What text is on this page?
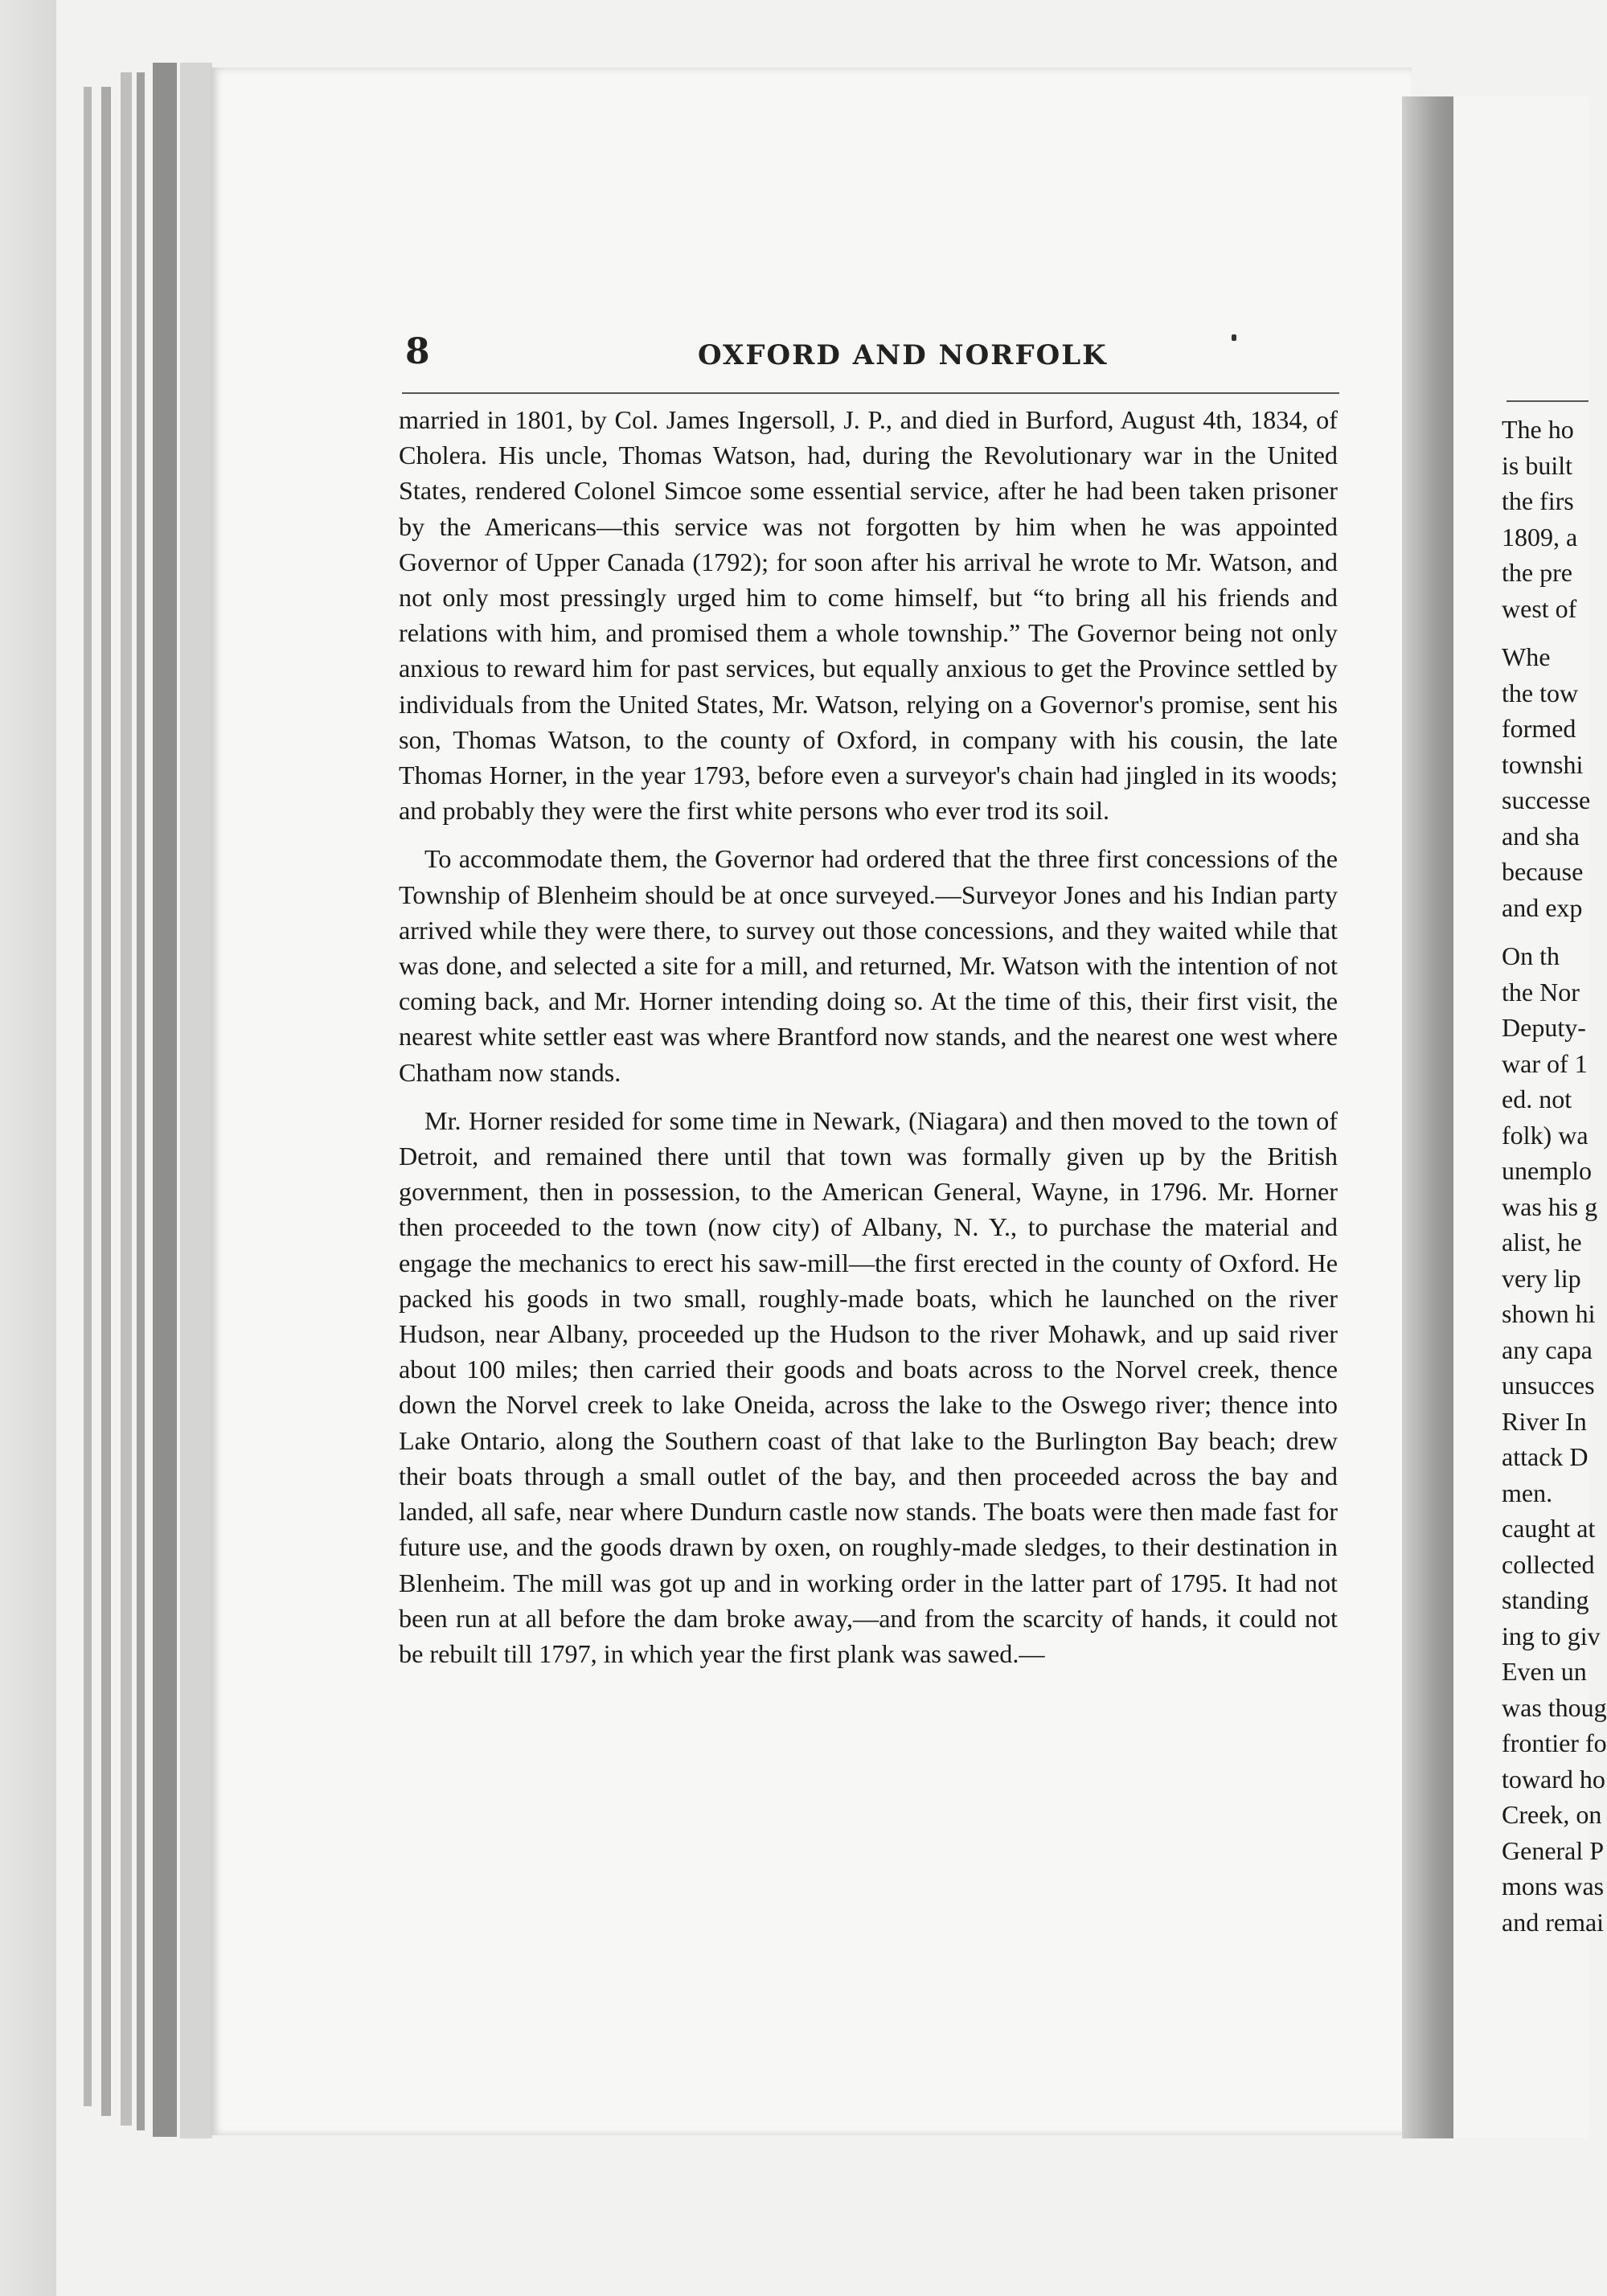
8	OXFORD AND NORFOLK

married in 1801, by Col. James Ingersoll, J. P., and died in Burford, August 4th, 1834, of Cholera. His uncle, Thomas Watson, had, during the Revolutionary war in the United States, rendered Colonel Simcoe some essential service, after he had been taken prisoner by the Americans—this service was not forgotten by him when he was appointed Governor of Upper Canada (1792); for soon after his arrival he wrote to Mr. Watson, and not only most pressingly urged him to come himself, but “to bring all his friends and relations with him, and promised them a whole township.” The Governor being not only anxious to reward him for past services, but equally anxious to get the Province settled by individuals from the United States, Mr. Watson, relying on a Governor's promise, sent his son, Thomas Watson, to the county of Oxford, in company with his cousin, the late Thomas Horner, in the year 1793, before even a surveyor's chain had jingled in its woods; and probably they were the first white persons who ever trod its soil.

To accommodate them, the Governor had ordered that the three first concessions of the Township of Blenheim should be at once surveyed.—Surveyor Jones and his Indian party arrived while they were there, to survey out those concessions, and they waited while that was done, and selected a site for a mill, and returned, Mr. Watson with the intention of not coming back, and Mr. Horner intending doing so. At the time of this, their first visit, the nearest white settler east was where Brantford now stands, and the nearest one west where Chatham now stands.

Mr. Horner resided for some time in Newark, (Niagara) and then moved to the town of Detroit, and remained there until that town was formally given up by the British government, then in possession, to the American General, Wayne, in 1796. Mr. Horner then proceeded to the town (now city) of Albany, N. Y., to purchase the material and engage the mechanics to erect his saw-mill—the first erected in the county of Oxford. He packed his goods in two small, roughly-made boats, which he launched on the river Hudson, near Albany, proceeded up the Hudson to the river Mohawk, and up said river about 100 miles; then carried their goods and boats across to the Norvel creek, thence down the Norvel creek to lake Oneida, across the lake to the Oswego river; thence into Lake Ontario, along the Southern coast of that lake to the Burlington Bay beach; drew their boats through a small outlet of the bay, and then proceeded across the bay and landed, all safe, near where Dundurn castle now stands. The boats were then made fast for future use, and the goods drawn by oxen, on roughly-made sledges, to their destination in Blenheim. The mill was got up and in working order in the latter part of 1795. It had not been run at all before the dam broke away,—and from the scarcity of hands, it could not be rebuilt till 1797, in which year the first plank was sawed.—

The ho
is built
the firs
1809, a
the pre
west of
Whe
the tow
formed
townshi
successe
and sha
because
and exp
On th
the Nor
Deputy-
war of 1
ed. not
folk) wa
unemplo
was his g
alist, he
very lip
shown hi
any capa
unsucces
River In
attack D
men.
caught at
collected
standing
ing to giv
Even un
was thoug
frontier fo
toward ho
Creek, on
General P
mons was
and remai
